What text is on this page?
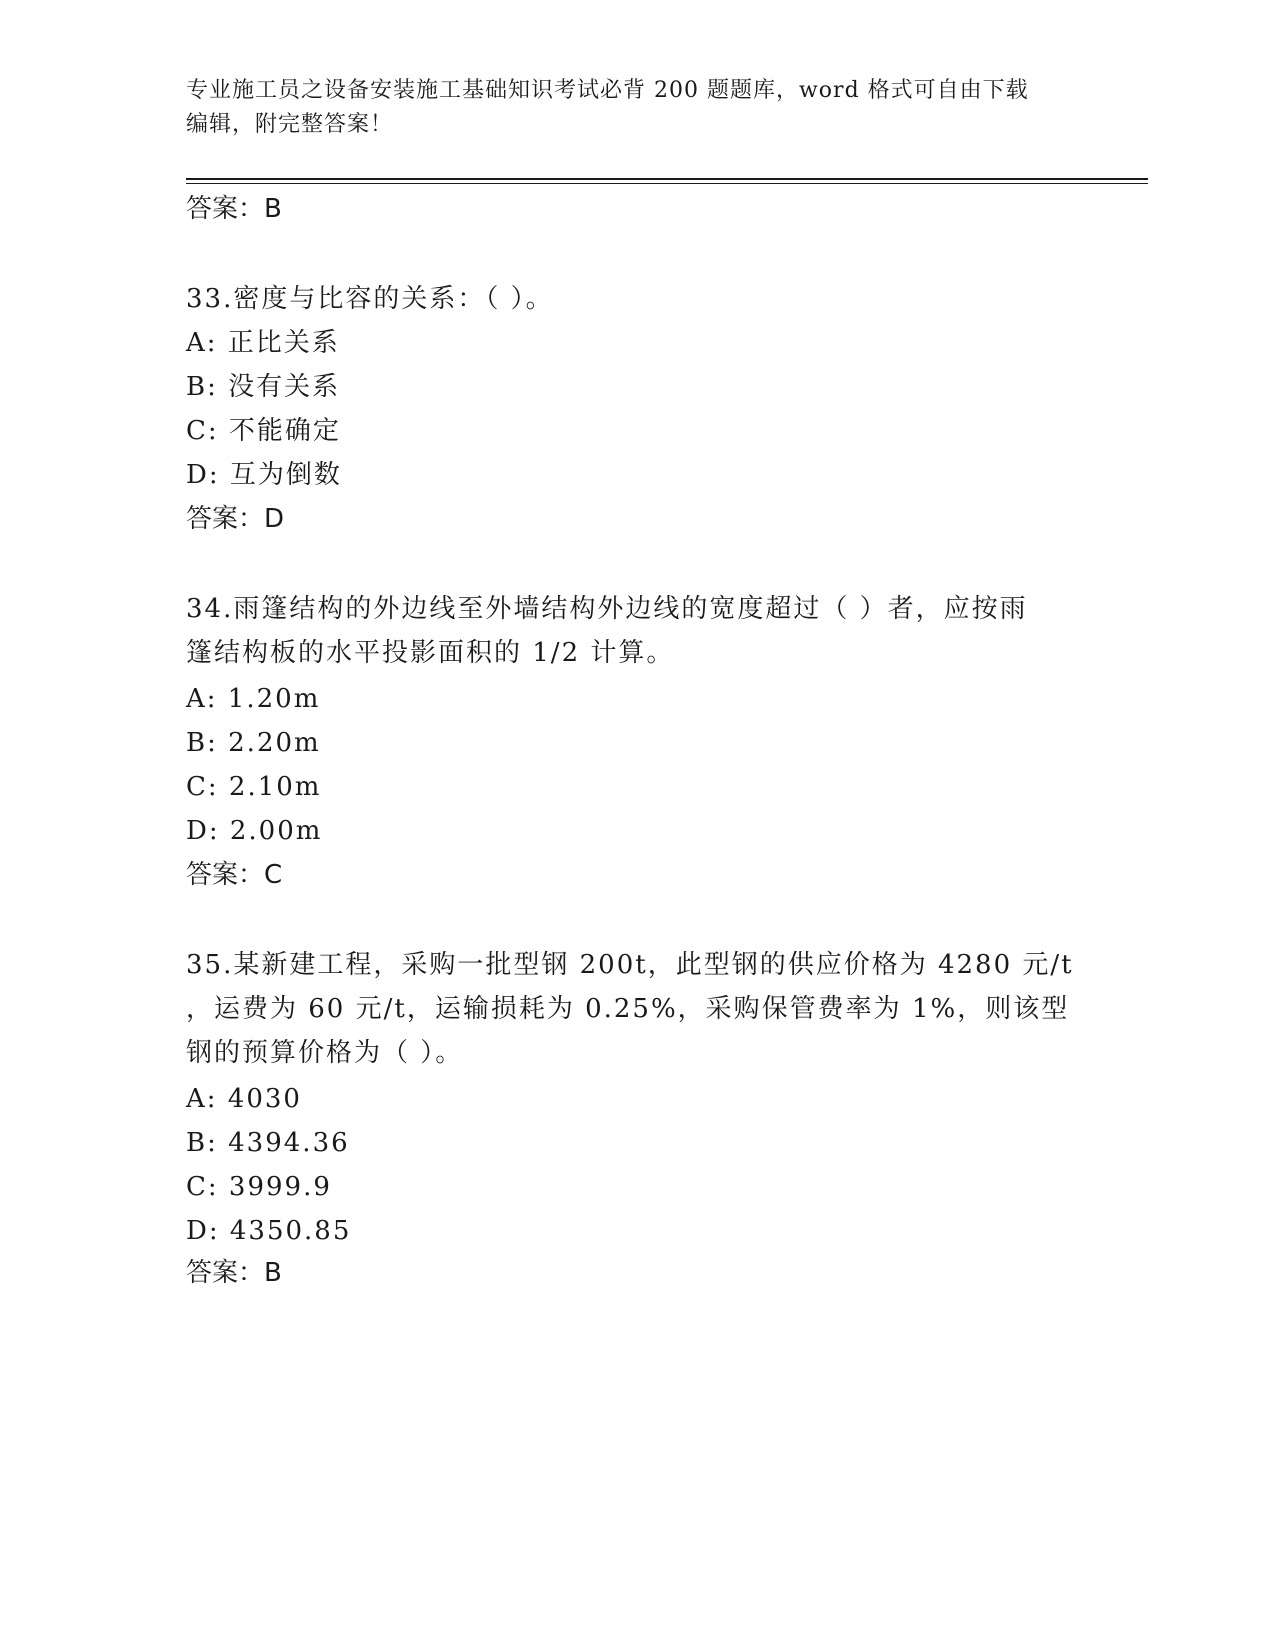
专业施工员之设备安装施工基础知识考试必背 200 题题库，word 格式可自由下载
编辑，附完整答案！
答案：B
33.密度与比容的关系：（ ）。
A: 正比关系
B: 没有关系
C: 不能确定
D: 互为倒数
答案：D
34.雨篷结构的外边线至外墙结构外边线的宽度超过（ ）者，应按雨
篷结构板的水平投影面积的 1/2 计算。
A: 1.20m
B: 2.20m
C: 2.10m
D: 2.00m
答案：C
35.某新建工程，采购一批型钢 200t，此型钢的供应价格为 4280 元/t
，运费为 60 元/t，运输损耗为 0.25%，采购保管费率为 1%，则该型
钢的预算价格为（ ）。
A: 4030
B: 4394.36
C: 3999.9
D: 4350.85
答案：B
